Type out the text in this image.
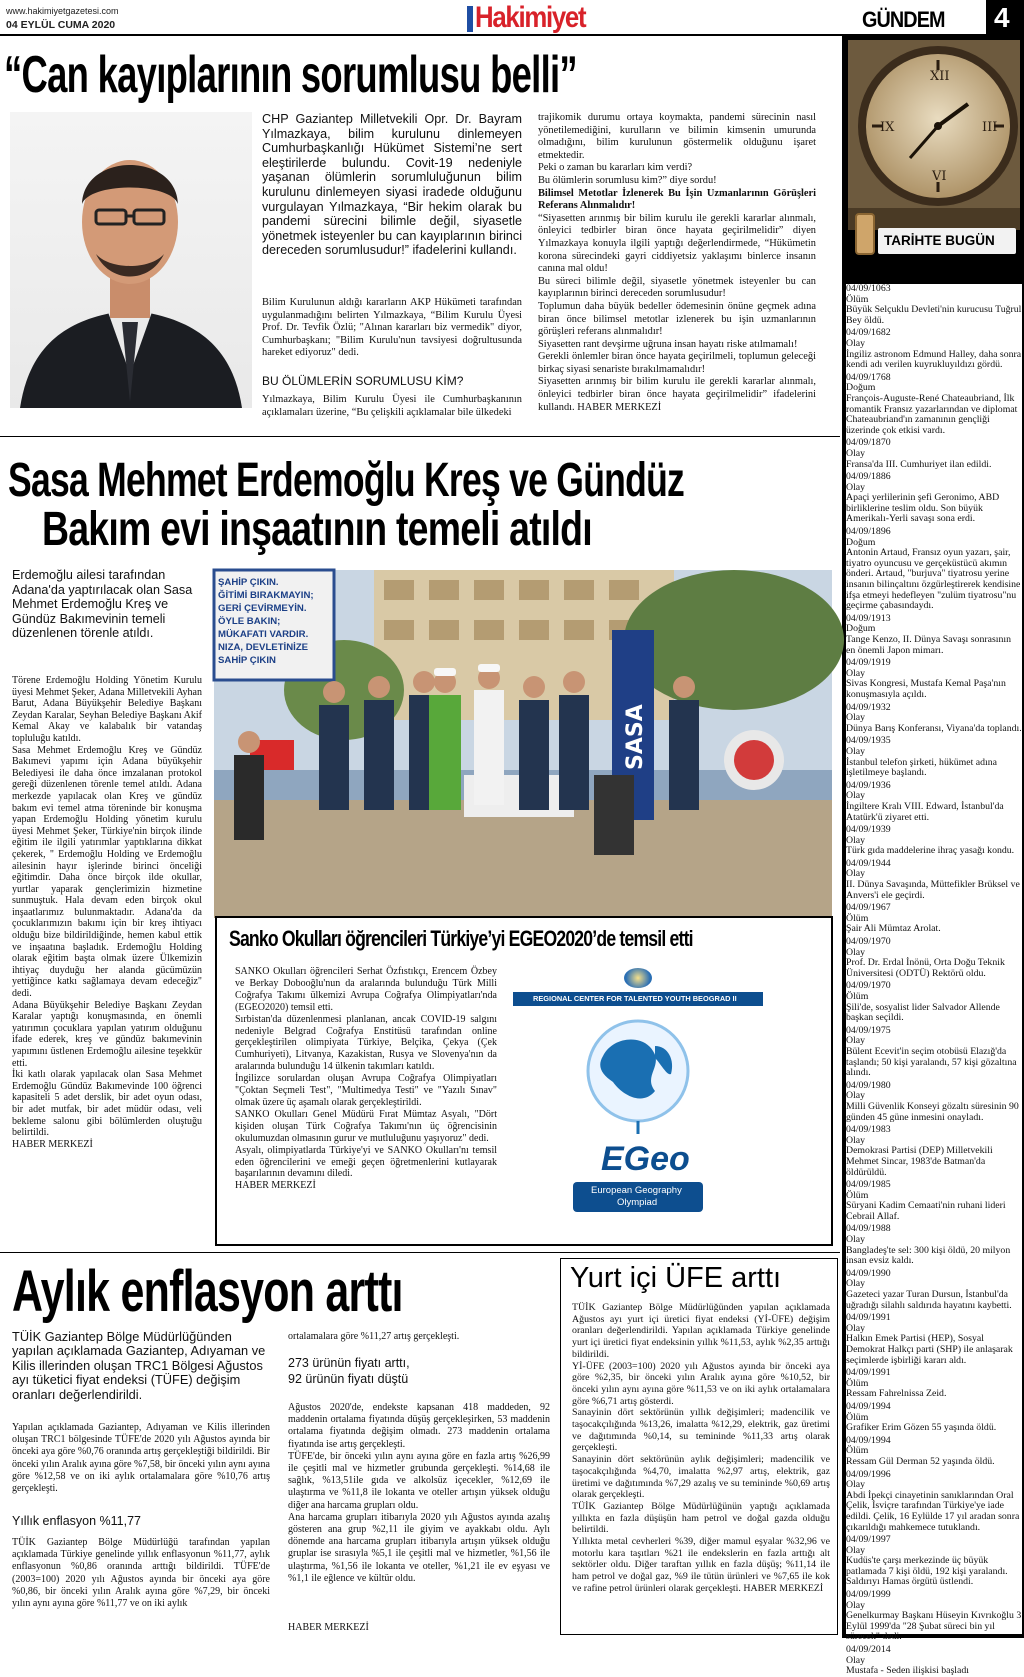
www.hakimiyetgazetesi.com
04 EYLÜL CUMA 2020	Hakimiyet	GÜNDEM 4
“Can kayıplarının sorumlusu belli”
CHP Gaziantep Milletvekili Opr. Dr. Bayram Yılmazkaya, bilim kurulunu dinlemeyen Cumhurbaşkanlığı Hükümet Sistemi’ne sert eleştirilerde bulundu. Covit-19 nedeniyle yaşanan ölümlerin sorumluluğunun bilim kurulunu dinlemeyen siyasi iradede olduğunu vurgulayan Yılmazkaya, “Bir hekim olarak bu pandemi sürecini bilimle değil, siyasetle yönetmek isteyenler bu can kayıplarının birinci dereceden sorumlusudur!” ifadelerini kullandı.

Bilim Kurulunun aldığı kararların AKP Hükümeti tarafından uygulanmadığını belirten Yılmazkaya, “Bilim Kurulu Üyesi Prof. Dr. Tevfik Özlü; "Alınan kararları biz vermedik" diyor, Cumhurbaşkanı; "Bilim Kurulu'nun tavsiyesi doğrultusunda hareket ediyoruz" dedi.

BU ÖLÜMLERİN SORUMLUSU KİM?

Yılmazkaya, Bilim Kurulu Üyesi ile Cumhurbaşkanının açıklamaları üzerine, “Bu çelişkili açıklamalar bile ülkedeki

trajikomik durumu ortaya koymakta, pandemi sürecinin nasıl yönetilemediğini, kurulların ve bilimin kimsenin umurunda olmadığını, bilim kurulunun göstermelik olduğunu işaret etmektedir.

Peki o zaman bu kararları kim verdi?

Bu ölümlerin sorumlusu kim?” diye sordu!

Bilimsel Metotlar İzlenerek Bu İşin Uzmanlarının Görüşleri Referans Alınmalıdır!

“Siyasetten arınmış bir bilim kurulu ile gerekli kararlar alınmalı, önleyici tedbirler biran önce hayata geçirilmelidir” diyen Yılmazkaya konuyla ilgili yaptığı değerlendirmede, “Hükümetin korona sürecindeki gayri ciddiyetsiz yaklaşımı binlerce insanın canına mal oldu!

Bu süreci bilimle değil, siyasetle yönetmek isteyenler bu can kayıplarının birinci dereceden sorumlusudur!

Toplumun daha büyük bedeller ödemesinin önüne geçmek adına biran önce bilimsel metotlar izlenerek bu işin uzmanlarının görüşleri referans alınmalıdır!

Siyasetten rant devşirme uğruna insan hayatı riske atılmamalı!

Gerekli önlemler biran önce hayata geçirilmeli, toplumun geleceği birkaç siyasi senariste bırakılmamalıdır!

Siyasetten arınmış bir bilim kurulu ile gerekli kararlar alınmalı, önleyici tedbirler biran önce hayata geçirilmelidir” ifadelerini kullandı. HABER MERKEZİ

XII
III
VI
IX
TARİHTE BUGÜN
04/09/1063
Ölüm
Büyük Selçuklu Devleti'nin kurucusu Tuğrul Bey öldü.
04/09/1682
Olay
İngiliz astronom Edmund Halley, daha sonra kendi adı verilen kuyrukluyıldızı gördü.
04/09/1768
Doğum
François-Auguste-René Chateaubriand, İlk romantik Fransız yazarlarından ve diplomat Chateaubriand'ın zamanının gençliği üzerinde çok etkisi vardı.
04/09/1870
Olay
Fransa'da III. Cumhuriyet ilan edildi.
04/09/1886
Olay
Apaçi yerlilerinin şefi Geronimo, ABD birliklerine teslim oldu. Son büyük Amerikalı-Yerli savaşı sona erdi.
04/09/1896
Doğum
Antonin Artaud, Fransız oyun yazarı, şair, tiyatro oyuncusu ve gerçeküstücü akımın önderi. Artaud, "burjuva" tiyatrosu yerine insanın bilinçaltını özgürleştirerek kendisine ifşa etmeyi hedefleyen "zulüm tiyatrosu"nu geçirme çabasındaydı.
04/09/1913
Doğum
Tange Kenzo, II. Dünya Savaşı sonrasının en önemli Japon mimarı.
04/09/1919
Olay
Sivas Kongresi, Mustafa Kemal Paşa'nın konuşmasıyla açıldı.
04/09/1932
Olay
Dünya Barış Konferansı, Viyana'da toplandı.
04/09/1935
Olay
İstanbul telefon şirketi, hükümet adına işletilmeye başlandı.
04/09/1936
Olay
İngiltere Kralı VIII. Edward, İstanbul'da Atatürk'ü ziyaret etti.
04/09/1939
Olay
Türk gıda maddelerine ihraç yasağı kondu.
04/09/1944
Olay
II. Dünya Savaşında, Müttefikler Brüksel ve Anvers'i ele geçirdi.
04/09/1967
Ölüm
Şair Ali Mümtaz Arolat.
04/09/1970
Olay
Prof. Dr. Erdal İnönü, Orta Doğu Teknik Üniversitesi (ODTÜ) Rektörü oldu.
04/09/1970
Ölüm
Şili'de, sosyalist lider Salvador Allende başkan seçildi.
04/09/1975
Olay
Bülent Ecevit'in seçim otobüsü Elazığ'da taşlandı; 50 kişi yaralandı, 57 kişi gözaltına alındı.
04/09/1980
Olay
Milli Güvenlik Konseyi gözaltı süresinin 90 günden 45 güne inmesini onayladı.
04/09/1983
Olay
Demokrasi Partisi (DEP) Milletvekili Mehmet Sincar, 1983'de Batman'da öldürüldü.
04/09/1985
Ölüm
Süryani Kadim Cemaati'nin ruhani lideri Cebrail Allaf.
04/09/1988
Olay
Bangladeş'te sel: 300 kişi öldü, 20 milyon insan evsiz kaldı.
04/09/1990
Olay
Gazeteci yazar Turan Dursun, İstanbul'da uğradığı silahlı saldırıda hayatını kaybetti.
04/09/1991
Olay
Halkın Emek Partisi (HEP), Sosyal Demokrat Halkçı parti (SHP) ile anlaşarak seçimlerde işbirliği kararı aldı.
04/09/1991
Ölüm
Ressam Fahrelnissa Zeid.
04/09/1994
Ölüm
Grafiker Erim Gözen 55 yaşında öldü.
04/09/1994
Ölüm
Ressam Gül Derman 52 yaşında öldü.
04/09/1996
Olay
Abdi İpekçi cinayetinin sanıklarından Oral Çelik, İsviçre tarafından Türkiye'ye iade edildi. Çelik, 16 Eylülde 17 yıl aradan sonra çıkarıldığı mahkemece tutuklandı.
04/09/1997
Olay
Kudüs'te çarşı merkezinde üç büyük patlamada 7 kişi öldü, 192 kişi yaralandı. Saldırıyı Hamas örgütü üstlendi.
04/09/1999
Olay
Genelkurmay Başkanı Hüseyin Kıvrıkoğlu 3 Eylül 1999'da "28 Şubat süreci bin yıl sürecek" dedi.
04/09/2014
Olay
Mustafa - Seden ilişkisi başladı
Sasa Mehmet Erdemoğlu Kreş ve Gündüz
Bakım evi inşaatının temeli atıldı
Erdemoğlu ailesi tarafından Adana'da yaptırılacak olan Sasa Mehmet Erdemoğlu Kreş ve Gündüz Bakımevinin temeli düzenlenen törenle atıldı.
Törene Erdemoğlu Holding Yönetim Kurulu üyesi Mehmet Şeker, Adana Milletvekili Ayhan Barut, Adana Büyükşehir Belediye Başkanı Zeydan Karalar, Seyhan Belediye Başkanı Akif Kemal Akay ve kalabalık bir vatandaş topluluğu katıldı.
Sasa Mehmet Erdemoğlu Kreş ve Gündüz Bakımevi yapımı için Adana büyükşehir Belediyesi ile daha önce imzalanan protokol gereği düzenlenen törenle temel atıldı. Adana merkezde yapılacak olan Kreş ve gündüz bakım evi temel atma töreninde bir konuşma yapan Erdemoğlu Holding yönetim kurulu üyesi Mehmet Şeker, Türkiye'nin birçok ilinde eğitim ile ilgili yatırımlar yaptıklarına dikkat çekerek, " Erdemoğlu Holding ve Erdemoğlu ailesinin hayır işlerinde birinci önceliği eğitimdir. Daha önce birçok ilde okullar, yurtlar yaparak gençlerimizin hizmetine sunmuştuk. Hala devam eden birçok okul inşaatlarımız bulunmaktadır. Adana'da da çocuklarımızın bakımı için bir kreş ihtiyacı olduğu bize bildirildiğinde, hemen kabul ettik ve inşaatına başladık. Erdemoğlu Holding olarak eğitim başta olmak üzere Ülkemizin ihtiyaç duyduğu her alanda gücümüzün yettiğince katkı sağlamaya devam edeceğiz" dedi.
Adana Büyükşehir Belediye Başkanı Zeydan Karalar yaptığı konuşmasında, en önemli yatırımın çocuklara yapılan yatırım olduğunu ifade ederek, kreş ve gündüz bakımevinin yapımını üstlenen Erdemoğlu ailesine teşekkür etti.
İki katlı olarak yapılacak olan Sasa Mehmet Erdemoğlu Gündüz Bakımevinde 100 öğrenci kapasiteli 5 adet derslik, bir adet oyun odası, bir adet mutfak, bir adet müdür odası, veli bekleme salonu gibi bölümlerden oluştuğu belirtildi.
HABER MERKEZİ
SASA
ŞAHİP ÇIKIN.
ĞİTİMİ BIRAKMAYIN;
GERİ ÇEVİRMEYİN.
ÖYLE BAKIN;
MÜKAFATI VARDIR.
NIZA, DEVLETİNİZE
SAHİP ÇIKIN
Sanko Okulları öğrencileri Türkiye’yi EGEO2020’de temsil etti
SANKO Okulları öğrencileri Serhat Özfıstıkçı, Erencem Özbey ve Berkay Dobooğlu'nun da aralarında bulunduğu Türk Milli Coğrafya Takımı ülkemizi Avrupa Coğrafya Olimpiyatları'nda (EGEO2020) temsil etti.
Sırbistan'da düzenlenmesi planlanan, ancak COVID-19 salgını nedeniyle Belgrad Coğrafya Enstitüsü tarafından online gerçekleştirilen olimpiyata Türkiye, Belçika, Çekya (Çek Cumhuriyeti), Litvanya, Kazakistan, Rusya ve Slovenya'nın da aralarında bulunduğu 14 ülkenin takımları katıldı.
İngilizce sorulardan oluşan Avrupa Coğrafya Olimpiyatları "Çoktan Seçmeli Test", "Multimedya Testi" ve "Yazılı Sınav" olmak üzere üç aşamalı olarak gerçekleştirildi.
SANKO Okulları Genel Müdürü Fırat Mümtaz Asyalı, "Dört kişiden oluşan Türk Coğrafya Takımı'nın üç öğrencisinin okulumuzdan olmasının gurur ve mutluluğunu yaşıyoruz" dedi.
Asyalı, olimpiyatlarda Türkiye'yi ve SANKO Okulları'nı temsil eden öğrencilerini ve emeği geçen öğretmenlerini kutlayarak başarılarının devamını diledi.
HABER MERKEZİ
REGIONAL CENTER FOR TALENTED YOUTH BEOGRAD II
EGeo
European Geography
Olympiad
Aylık enflasyon arttı
TÜİK Gaziantep Bölge Müdürlüğünden yapılan açıklamada Gaziantep, Adıyaman ve Kilis illerinden oluşan TRC1 Bölgesi Ağustos ayı tüketici fiyat endeksi (TÜFE) değişim oranları değerlendirildi.
Yapılan açıklamada Gaziantep, Adıyaman ve Kilis illerinden oluşan TRC1 bölgesinde TÜFE'de 2020 yılı Ağustos ayında bir önceki aya göre %0,76 oranında artış gerçekleştiği bildirildi. Bir önceki yılın Aralık ayına göre %7,58, bir önceki yılın aynı ayına göre %12,58 ve on iki aylık ortalamalara göre %10,76 artış gerçekleşti.
Yıllık enflasyon %11,77
TÜİK Gaziantep Bölge Müdürlüğü tarafından yapılan açıklamada Türkiye genelinde yıllık enflasyonun %11,77, aylık enflasyonun %0,86 oranında arttığı bildirildi. TÜFE'de (2003=100) 2020 yılı Ağustos ayında bir önceki aya göre %0,86, bir önceki yılın Aralık ayına göre %7,29, bir önceki yılın aynı ayına göre %11,77 ve on iki aylık
ortalamalara göre %11,27 artış gerçekleşti.
273 ürünün fiyatı arttı,
92 ürünün fiyatı düştü
Ağustos 2020'de, endekste kapsanan 418 maddeden, 92 maddenin ortalama fiyatında düşüş gerçekleşirken, 53 maddenin ortalama fiyatında değişim olmadı. 273 maddenin ortalama fiyatında ise artış gerçekleşti.
TÜFE'de, bir önceki yılın aynı ayına göre en fazla artış %26,99 ile çeşitli mal ve hizmetler grubunda gerçekleşti. %14,68 ile sağlık, %13,51ile gıda ve alkolsüz içecekler, %12,69 ile ulaştırma ve %11,8 ile lokanta ve oteller artışın yüksek olduğu diğer ana harcama grupları oldu.
Ana harcama grupları itibarıyla 2020 yılı Ağustos ayında azalış gösteren ana grup %2,11 ile giyim ve ayakkabı oldu. Aylı dönemde ana harcama grupları itibarıyla artışın yüksek olduğu gruplar ise sırasıyla %5,1 ile çeşitli mal ve hizmetler, %1,56 ile ulaştırma, %1,56 ile lokanta ve oteller, %1,21 ile ev eşyası ve %1,1 ile eğlence ve kültür oldu.
HABER MERKEZİ
Yurt içi ÜFE arttı
TÜİK Gaziantep Bölge Müdürlüğünden yapılan açıklamada Ağustos ayı yurt içi üretici fiyat endeksi (Yİ-ÜFE) değişim oranları değerlendirildi. Yapılan açıklamada Türkiye genelinde yurt içi üretici fiyat endeksinin yıllık %11,53, aylık %2,35 arttığı bildirildi.
Yİ-ÜFE (2003=100) 2020 yılı Ağustos ayında bir önceki aya göre %2,35, bir önceki yılın Aralık ayına göre %10,52, bir önceki yılın aynı ayına göre %11,53 ve on iki aylık ortalamalara göre %6,71 artış gösterdi.
Sanayinin dört sektörünün yıllık değişimleri; madencilik ve taşocakçılığında %13,26, imalatta %12,29, elektrik, gaz üretimi ve dağıtımında %0,14, su temininde %11,33 artış olarak gerçekleşti.
Sanayinin dört sektörünün aylık değişimleri; madencilik ve taşocakçılığında %4,70, imalatta %2,97 artış, elektrik, gaz üretimi ve dağıtımında %7,29 azalış ve su temininde %0,69 artış olarak gerçekleşti.
TÜİK Gaziantep Bölge Müdürlüğünün yaptığı açıklamada yıllıkta en fazla düşüşün ham petrol ve doğal gazda olduğu belirtildi.
Yıllıkta metal cevherleri %39, diğer mamul eşyalar %32,96 ve motorlu kara taşıtları %21 ile endekslerin en fazla arttığı alt sektörler oldu. Diğer taraftan yıllık en fazla düşüş; %11,14 ile ham petrol ve doğal gaz, %9 ile tütün ürünleri ve %7,65 ile kok ve rafine petrol ürünleri olarak gerçekleşti. HABER MERKEZİ
